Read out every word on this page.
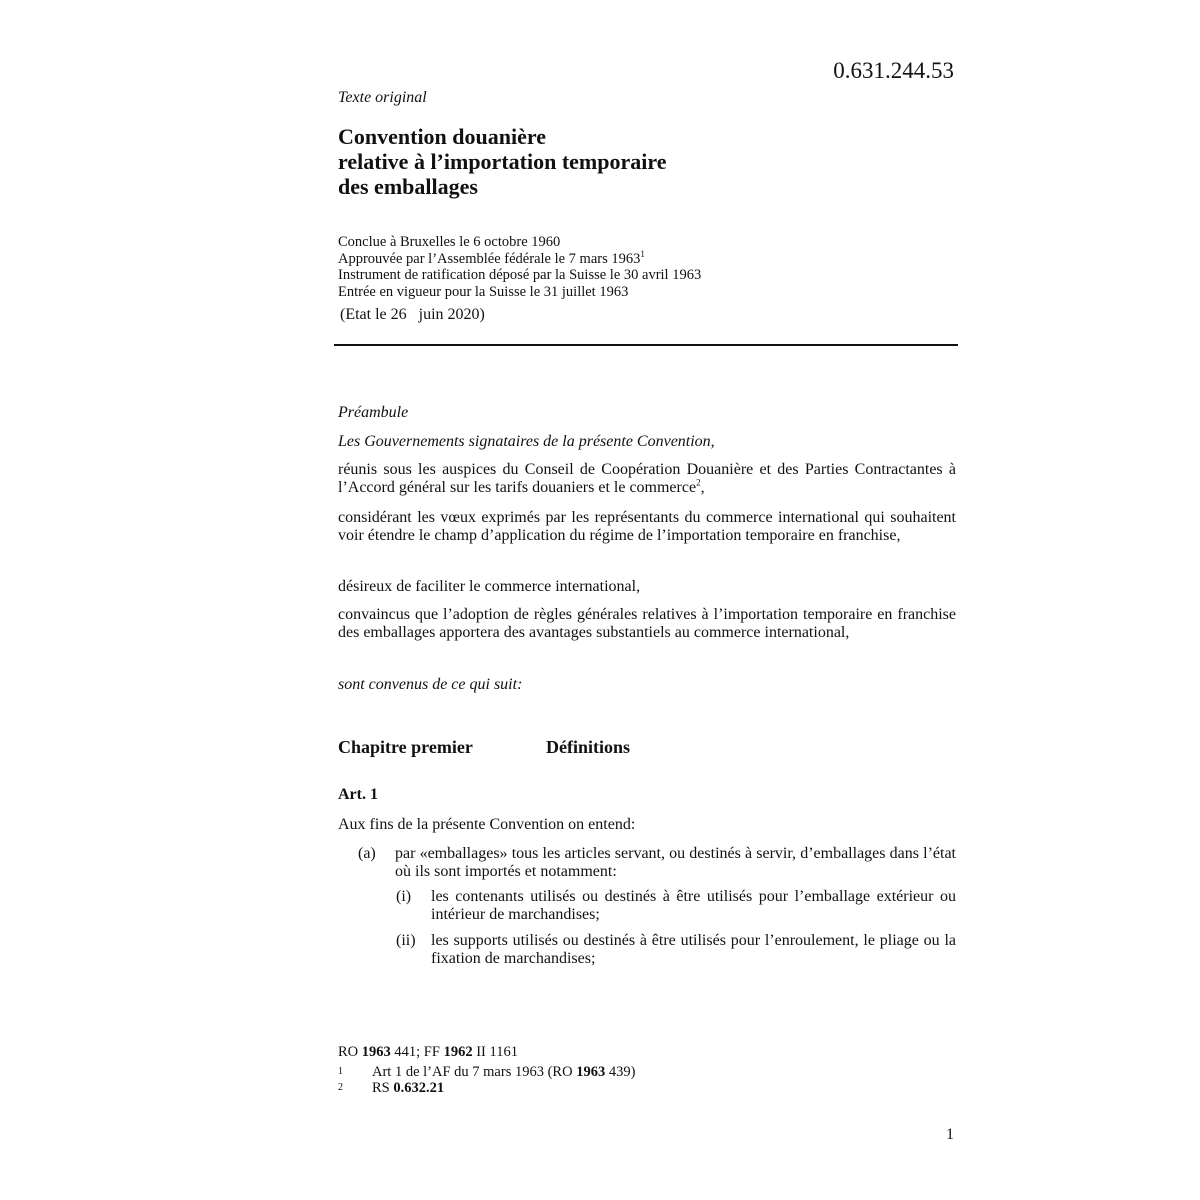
0.631.244.53
Texte original
Convention douanière
relative à l’importation temporaire
des emballages
Conclue à Bruxelles le 6 octobre 1960
Approuvée par l’Assemblée fédérale le 7 mars 1963$^1$
Instrument de ratification déposé par la Suisse le 30 avril 1963
Entrée en vigueur pour la Suisse le 31 juillet 1963
(Etat le 26   juin 2020)
Préambule
Les Gouvernements signataires de la présente Convention,
réunis sous les auspices du Conseil de Coopération Douanière et des Parties Contractantes à l’Accord général sur les tarifs douaniers et le commerce$^2$,
considérant les vœux exprimés par les représentants du commerce international qui souhaitent voir étendre le champ d’application du régime de l’importation temporaire en franchise,
désireux de faciliter le commerce international,
convaincus que l’adoption de règles générales relatives à l’importation temporaire en franchise des emballages apportera des avantages substantiels au commerce international,
sont convenus de ce qui suit:
Chapitre premier	Définitions
Art. 1
Aux fins de la présente Convention on entend:
(a) par «emballages» tous les articles servant, ou destinés à servir, d’emballages dans l’état où ils sont importés et notamment:
(i) les contenants utilisés ou destinés à être utilisés pour l’emballage extérieur ou intérieur de marchandises;
(ii) les supports utilisés ou destinés à être utilisés pour l’enroulement, le pliage ou la fixation de marchandises;
RO 1963 441; FF 1962 II 1161
1 Art 1 de l’AF du 7 mars 1963 (RO 1963 439)
2 RS 0.632.21
1
